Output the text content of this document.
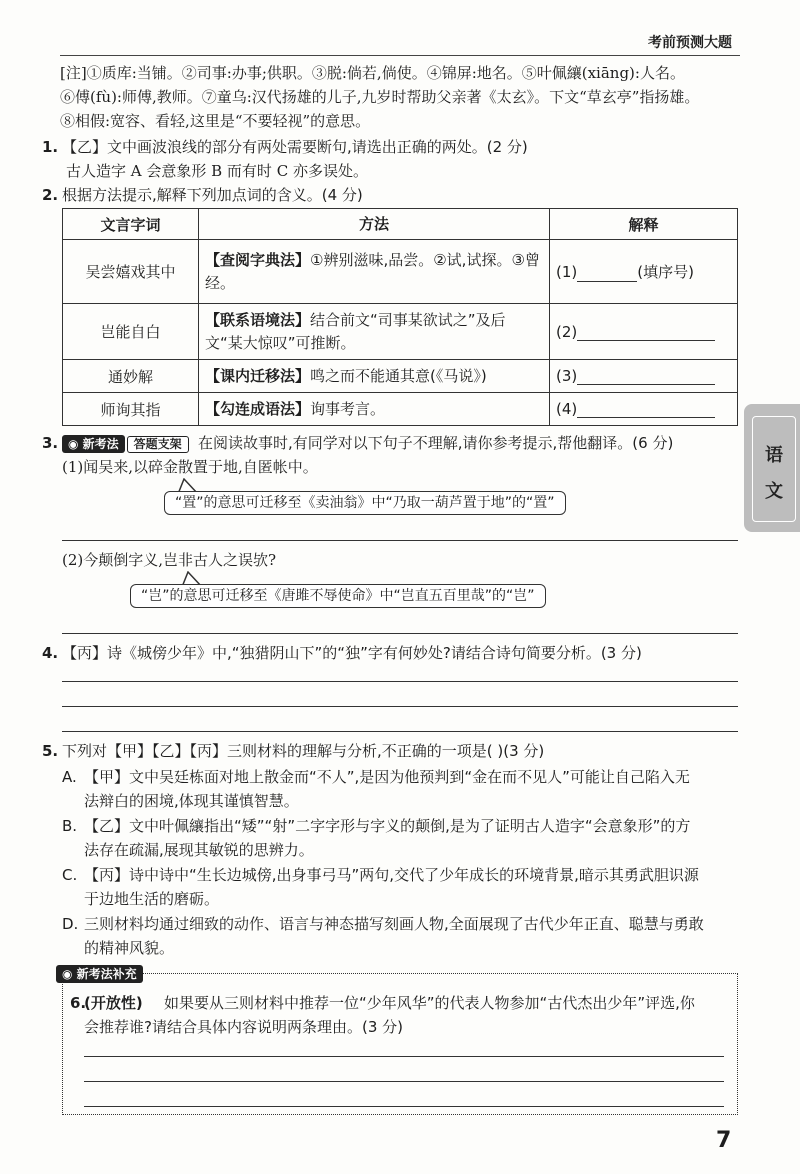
考前预测大题
[注]①质库:当铺。②司事:办事;供职。③脱:倘若,倘使。④锦屏:地名。⑤叶佩纕(xiāng):人名。
⑥傅(fù):师傅,教师。⑦童乌:汉代扬雄的儿子,九岁时帮助父亲著《太玄》。下文“草玄亭”指扬雄。
⑧相假:宽容、看轻,这里是“不要轻视”的意思。
1. 【乙】文中画波浪线的部分有两处需要断句,请选出正确的两处。(2 分)
古人造字 A 会意象形 B 而有时 C 亦多误处。
2. 根据方法提示,解释下列加点词的含义。(4 分)
文言字词	方法	解释
吴尝嬉戏其中	【查阅字典法】①辨别滋味,品尝。②试,试探。③曾经。	(1) (填序号)
岂能自白	【联系语境法】结合前文“司事某欲试之”及后文“某大惊叹”可推断。	(2)
通妙解	【课内迁移法】鸣之而不能通其意(《马说》)	(3)
师询其指	【勾连成语法】询事考言。	(4)
3. ◉ 新考法 答题支架	在阅读故事时,有同学对以下句子不理解,请你参考提示,帮他翻译。(6 分)
(1)闻吴来,以碎金散置于地,自匿帐中。
“置”的意思可迁移至《卖油翁》中“乃取一葫芦置于地”的“置”
(2)今颠倒字义,岂非古人之误欤?
“岂”的意思可迁移至《唐雎不辱使命》中“岂直五百里哉”的“岂”
4. 【丙】诗《城傍少年》中,“独猎阴山下”的“独”字有何妙处?请结合诗句简要分析。(3 分)
5. 下列对【甲】【乙】【丙】三则材料的理解与分析,不正确的一项是( )(3 分)
A. 【甲】文中吴廷栋面对地上散金而“不人”,是因为他预判到“金在而不见人”可能让自己陷入无
法辩白的困境,体现其谨慎智慧。
B. 【乙】文中叶佩纕指出“矮”“射”二字字形与字义的颠倒,是为了证明古人造字“会意象形”的方
法存在疏漏,展现其敏锐的思辨力。
C. 【丙】诗中诗中“生长边城傍,出身事弓马”两句,交代了少年成长的环境背景,暗示其勇武胆识源
于边地生活的磨砺。
D. 三则材料均通过细致的动作、语言与神态描写刻画人物,全面展现了古代少年正直、聪慧与勇敢
的精神风貌。
◉ 新考法补充
6.
(开放性) 如果要从三则材料中推荐一位“少年风华”的代表人物参加“古代杰出少年”评选,你
会推荐谁?请结合具体内容说明两条理由。(3 分)
语
文
7
